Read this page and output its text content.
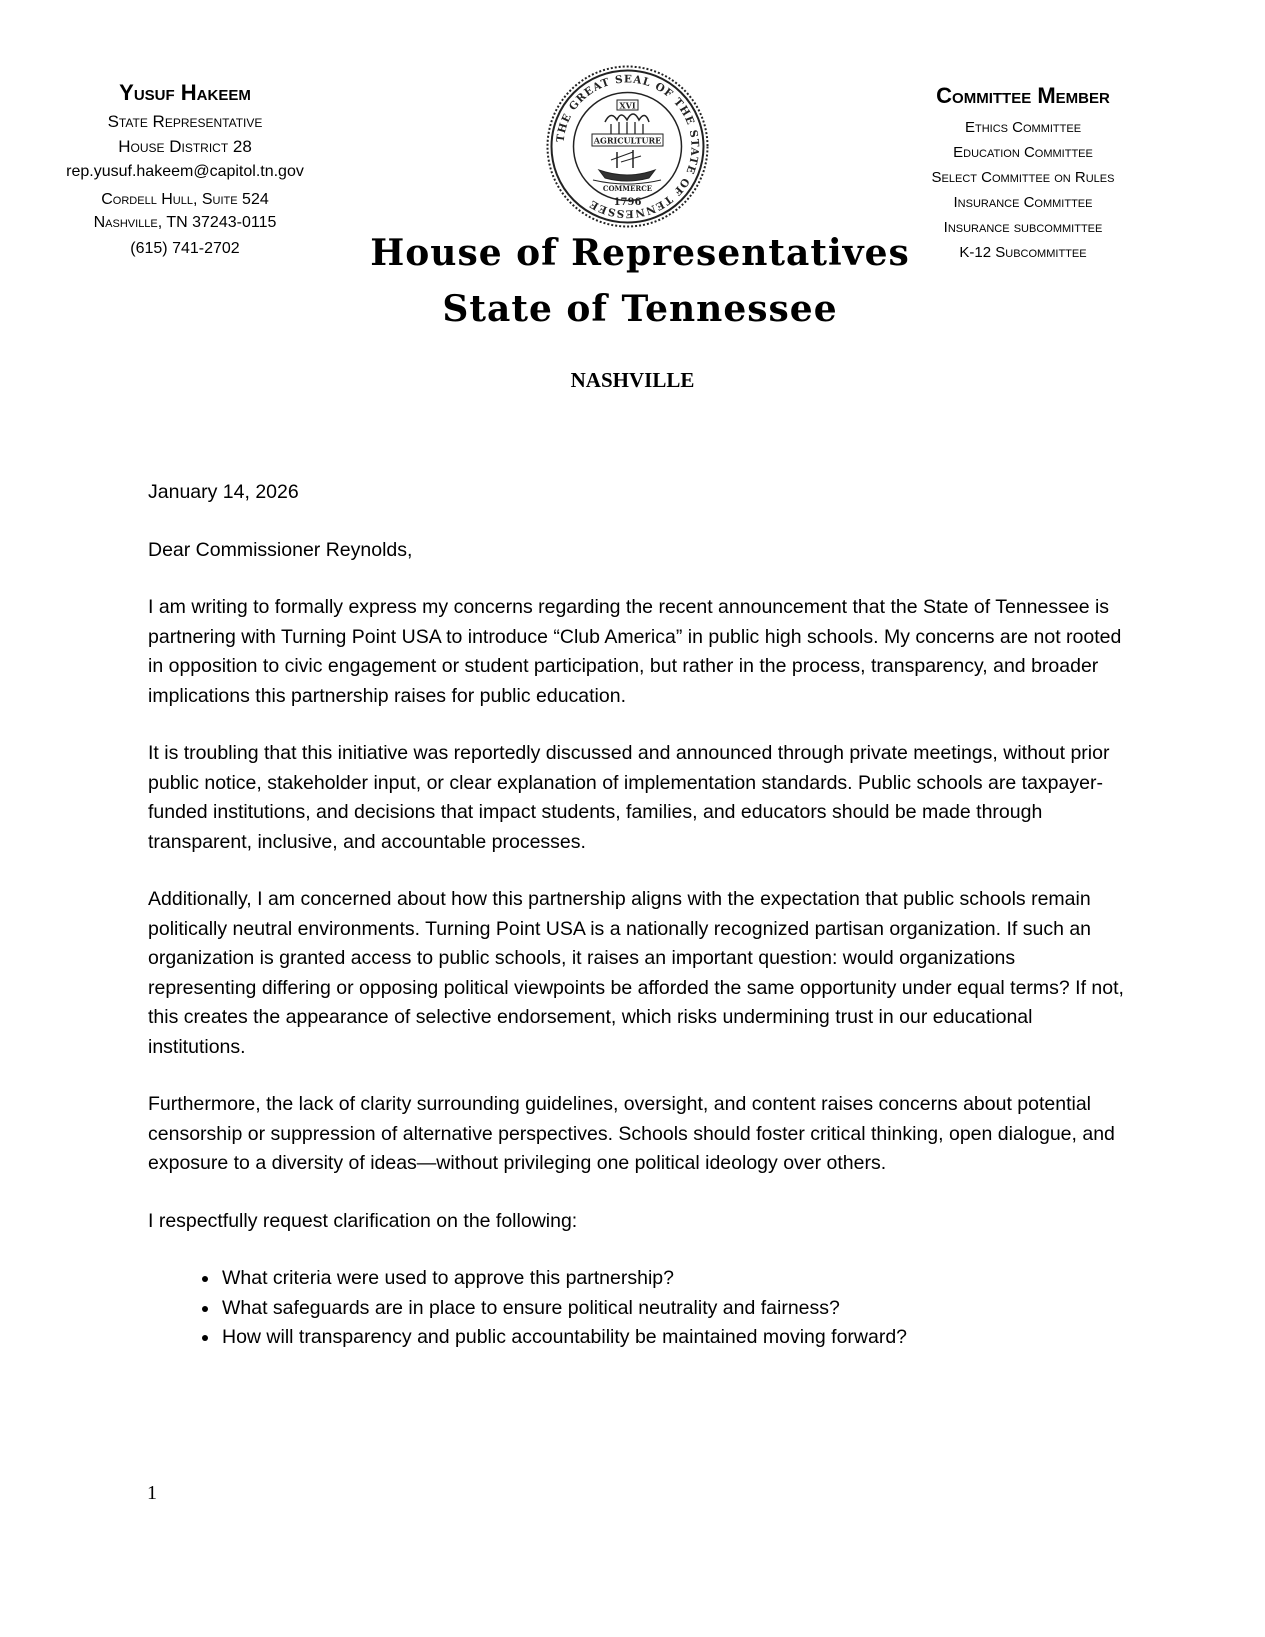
Yusuf Hakeem
State Representative
House District 28
rep.yusuf.hakeem@capitol.tn.gov
Cordell Hull, Suite 524
Nashville, TN 37243-0115
(615) 741-2702
THE GREAT SEAL OF THE STATE OF TENNESSEE
XVI
AGRICULTURE
COMMERCE
1796
Committee Member
Ethics Committee
Education Committee
Select Committee on Rules
Insurance Committee
Insurance subcommittee
K-12 Subcommittee
House of Representatives
State of Tennessee
NASHVILLE

January 14, 2026

Dear Commissioner Reynolds,

I am writing to formally express my concerns regarding the recent announcement that the State of Tennessee is partnering with Turning Point USA to introduce “Club America” in public high schools. My concerns are not rooted in opposition to civic engagement or student participation, but rather in the process, transparency, and broader implications this partnership raises for public education.

It is troubling that this initiative was reportedly discussed and announced through private meetings, without prior public notice, stakeholder input, or clear explanation of implementation standards. Public schools are taxpayer-funded institutions, and decisions that impact students, families, and educators should be made through transparent, inclusive, and accountable processes.

Additionally, I am concerned about how this partnership aligns with the expectation that public schools remain politically neutral environments. Turning Point USA is a nationally recognized partisan organization. If such an organization is granted access to public schools, it raises an important question: would organizations representing differing or opposing political viewpoints be afforded the same opportunity under equal terms? If not, this creates the appearance of selective endorsement, which risks undermining trust in our educational institutions.

Furthermore, the lack of clarity surrounding guidelines, oversight, and content raises concerns about potential censorship or suppression of alternative perspectives. Schools should foster critical thinking, open dialogue, and exposure to a diversity of ideas—without privileging one political ideology over others.

I respectfully request clarification on the following:

• What criteria were used to approve this partnership?
• What safeguards are in place to ensure political neutrality and fairness?
• How will transparency and public accountability be maintained moving forward?
1
